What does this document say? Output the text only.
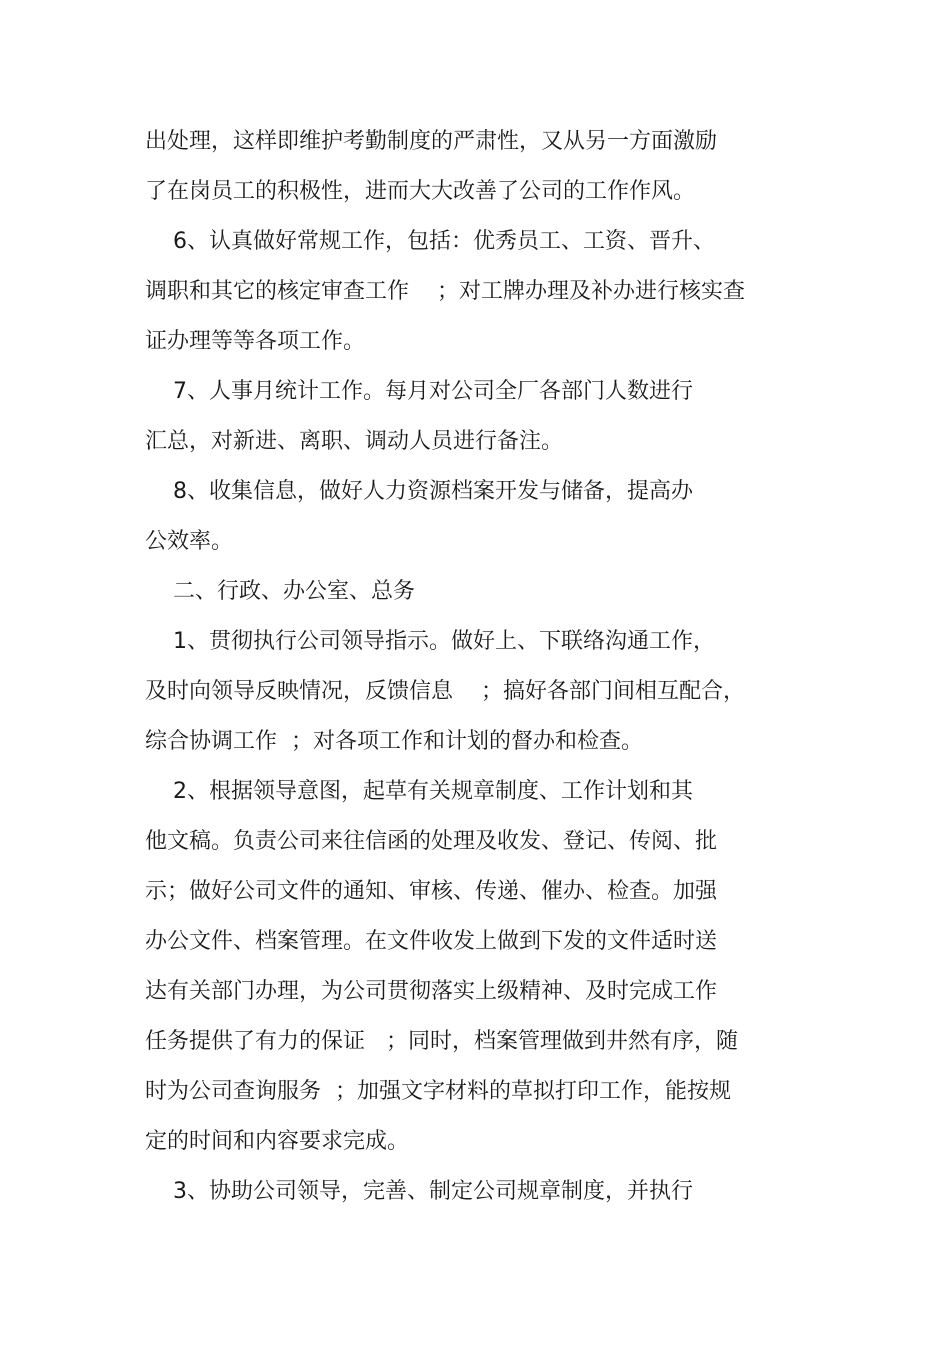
出处理，这样即维护考勤制度的严肃性，又从另一方面激励
了在岗员工的积极性，进而大大改善了公司的工作作风。
6、认真做好常规工作，包括：优秀员工、工资、晋升、
调职和其它的核定审查工作    ；对工牌办理及补办进行核实查
证办理等等各项工作。
7、人事月统计工作。每月对公司全厂各部门人数进行
汇总，对新进、离职、调动人员进行备注。
8、收集信息，做好人力资源档案开发与储备，提高办
公效率。
二、行政、办公室、总务
1、贯彻执行公司领导指示。做好上、下联络沟通工作，
及时向领导反映情况，反馈信息    ；搞好各部门间相互配合，
综合协调工作  ；对各项工作和计划的督办和检查。
2、根据领导意图，起草有关规章制度、工作计划和其
他文稿。负责公司来往信函的处理及收发、登记、传阅、批
示；做好公司文件的通知、审核、传递、催办、检查。加强
办公文件、档案管理。在文件收发上做到下发的文件适时送
达有关部门办理，为公司贯彻落实上级精神、及时完成工作
任务提供了有力的保证   ；同时，档案管理做到井然有序，随
时为公司查询服务  ；加强文字材料的草拟打印工作，能按规
定的时间和内容要求完成。
3、协助公司领导，完善、制定公司规章制度，并执行
